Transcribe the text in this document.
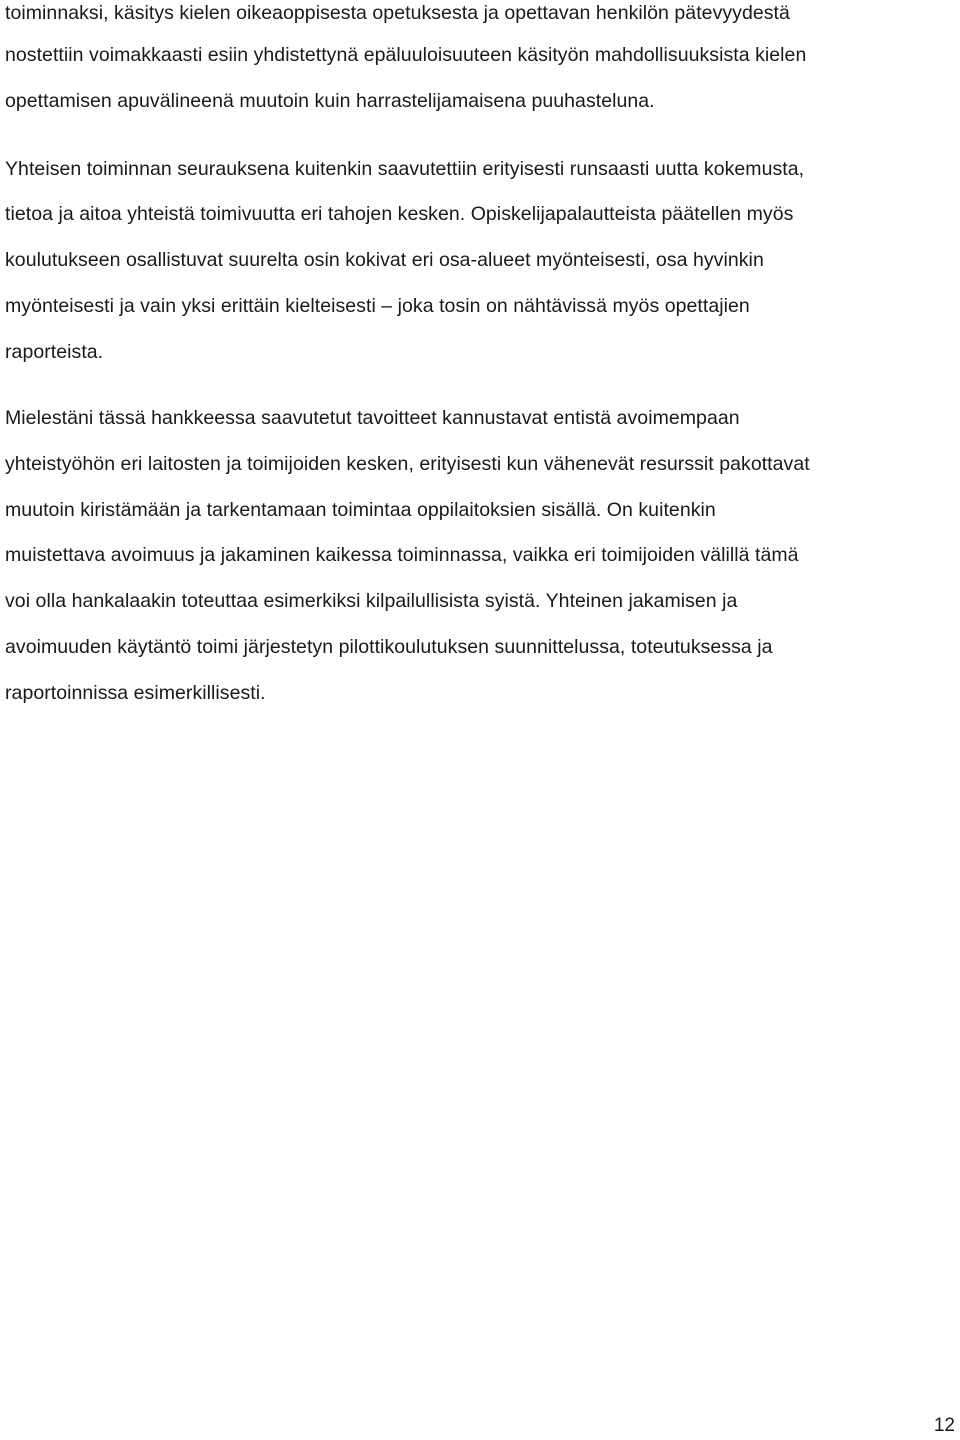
toiminnaksi, käsitys kielen oikeaoppisesta opetuksesta ja opettavan henkilön pätevyydestä
nostettiin voimakkaasti esiin yhdistettynä epäluuloisuuteen käsityön mahdollisuuksista kielen
opettamisen apuvälineenä muutoin kuin harrastelijamaisena puuhasteluna.
Yhteisen toiminnan seurauksena kuitenkin saavutettiin erityisesti runsaasti uutta kokemusta,
tietoa ja aitoa yhteistä toimivuutta eri tahojen kesken. Opiskelijapalautteista päätellen myös
koulutukseen osallistuvat suurelta osin kokivat eri osa-alueet myönteisesti, osa hyvinkin
myönteisesti ja vain yksi erittäin kielteisesti – joka tosin on nähtävissä myös opettajien
raporteista.
Mielestäni tässä hankkeessa saavutetut tavoitteet kannustavat entistä avoimempaan
yhteistyöhön eri laitosten ja toimijoiden kesken, erityisesti kun vähenevät resurssit pakottavat
muutoin kiristämään ja tarkentamaan toimintaa oppilaitoksien sisällä. On kuitenkin
muistettava avoimuus ja jakaminen kaikessa toiminnassa, vaikka eri toimijoiden välillä tämä
voi olla hankalaakin toteuttaa esimerkiksi kilpailullisista syistä. Yhteinen jakamisen ja
avoimuuden käytäntö toimi järjestetyn pilottikoulutuksen suunnittelussa, toteutuksessa ja
raportoinnissa esimerkillisesti.
12
